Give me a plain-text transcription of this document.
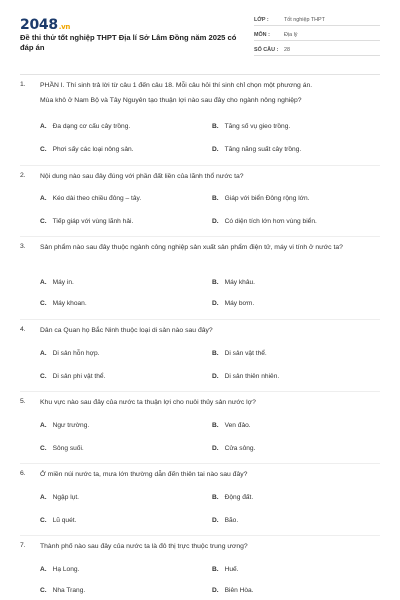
2048.vn
Đề thi thử tốt nghiệp THPT Địa lí Sở Lâm Đồng năm 2025 có đáp án
LỚP :	Tốt nghiệp THPT
MÔN :	Địa lý
SỐ CÂU : 28
1. PHẦN I. Thí sinh trả lời từ câu 1 đến câu 18. Mỗi câu hỏi thí sinh chỉ chọn một phương án.
Mùa khô ở Nam Bộ và Tây Nguyên tạo thuận lợi nào sau đây cho ngành nông nghiệp?
A. Đa dạng cơ cấu cây trồng.	B. Tăng số vụ gieo trồng.
C. Phơi sấy các loại nông sản.	D. Tăng năng suất cây trồng.
2. Nội dung nào sau đây đúng với phần đất liền của lãnh thổ nước ta?
A. Kéo dài theo chiều đông – tây.	B. Giáp với biển Đông rộng lớn.
C. Tiếp giáp với vùng lãnh hải.	D. Có diện tích lớn hơn vùng biển.
3. Sản phẩm nào sau đây thuộc ngành công nghiệp sản xuất sản phẩm điện tử, máy vi tính ở nước ta?
A. Máy in.	B. Máy khâu.
C. Máy khoan.	D. Máy bơm.
4. Dân ca Quan họ Bắc Ninh thuộc loại di sản nào sau đây?
A. Di sản hỗn hợp.	B. Di sản vật thể.
C. Di sản phi vật thể.	D. Di sản thiên nhiên.
5. Khu vực nào sau đây của nước ta thuận lợi cho nuôi thủy sản nước lợ?
A. Ngư trường.	B. Ven đảo.
C. Sông suối.	D. Cửa sông.
6. Ở miền núi nước ta, mưa lớn thường dẫn đến thiên tai nào sau đây?
A. Ngập lụt.	B. Động đất.
C. Lũ quét.	D. Bão.
7. Thành phố nào sau đây của nước ta là đô thị trực thuộc trung ương?
A. Hạ Long.	B. Huế.
C. Nha Trang.	D. Biên Hòa.
